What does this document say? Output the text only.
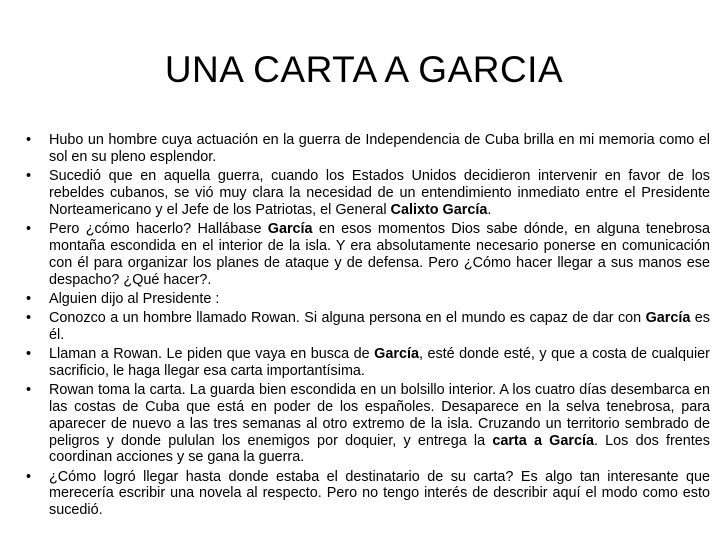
UNA CARTA A GARCIA
•	Hubo un hombre cuya actuación en la guerra de Independencia de Cuba brilla en mi memoria como el sol en su pleno esplendor.
•	Sucedió que en aquella guerra, cuando los Estados Unidos decidieron intervenir en favor de los rebeldes cubanos, se vió muy clara la necesidad de un entendimiento inmediato entre el Presidente Norteamericano y el Jefe de los Patriotas, el General Calixto García.
•	Pero ¿cómo hacerlo? Hallábase García en esos momentos Dios sabe dónde, en alguna tenebrosa montaña escondida en el interior de la isla. Y era absolutamente necesario ponerse en comunicación con él para organizar los planes de ataque y de defensa. Pero ¿Cómo hacer llegar a sus manos ese despacho? ¿Qué hacer?.
•	Alguien dijo al Presidente :
•	Conozco a un hombre llamado Rowan. Si alguna persona en el mundo es capaz de dar con García es él.
•	Llaman a Rowan. Le piden que vaya en busca de García, esté donde esté, y que a costa de cualquier sacrificio, le haga llegar esa carta importantísima.
•	Rowan toma la carta. La guarda bien escondida en un bolsillo interior. A los cuatro días desembarca en las costas de Cuba que está en poder de los españoles. Desaparece en la selva tenebrosa, para aparecer de nuevo a las tres semanas al otro extremo de la isla. Cruzando un territorio sembrado de peligros y donde pululan los enemigos por doquier, y entrega la carta a García. Los dos frentes coordinan acciones y se gana la guerra.
•	¿Cómo logró llegar hasta donde estaba el destinatario de su carta? Es algo tan interesante que merecería escribir una novela al respecto. Pero no tengo interés de describir aquí el modo como esto sucedió.
